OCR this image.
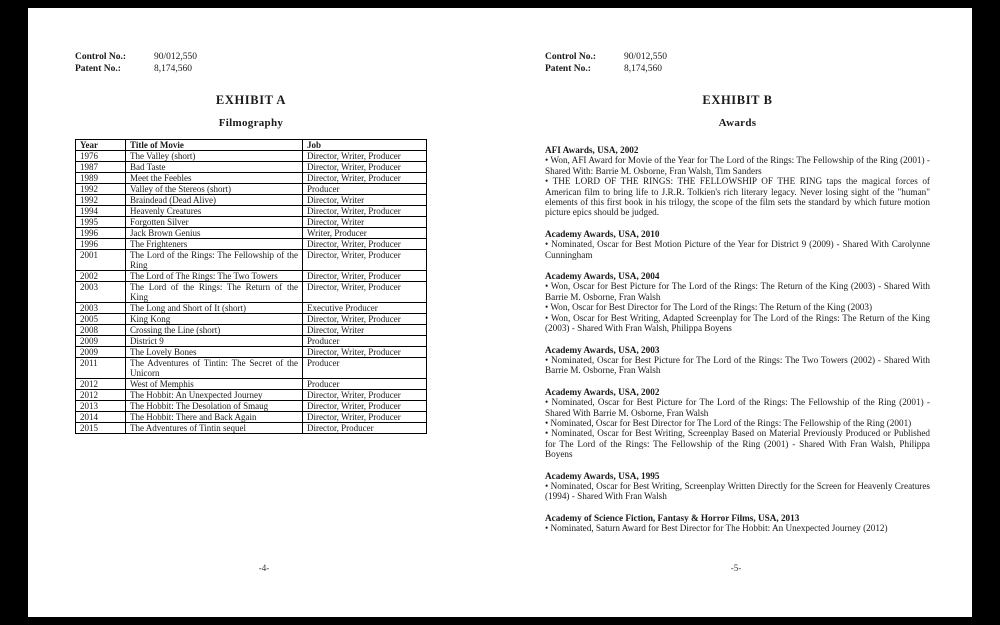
Control No.:	90/012,550
Patent No.:	8,174,560
EXHIBIT A
Filmography
Year	Title of Movie	Job
1976	The Valley (short)	Director, Writer, Producer
1987	Bad Taste	Director, Writer, Producer
1989	Meet the Feebles	Director, Writer, Producer
1992	Valley of the Stereos (short)	Producer
1992	Braindead (Dead Alive)	Director, Writer
1994	Heavenly Creatures	Director, Writer, Producer
1995	Forgotten Silver	Director, Writer
1996	Jack Brown Genius	Writer, Producer
1996	The Frighteners	Director, Writer, Producer
2001	The Lord of the Rings: The Fellowship of the Ring	Director, Writer, Producer
2002	The Lord of The Rings: The Two Towers	Director, Writer, Producer
2003	The Lord of the Rings: The Return of the King	Director, Writer, Producer
2003	The Long and Short of It (short)	Executive Producer
2005	King Kong	Director, Writer, Producer
2008	Crossing the Line (short)	Director, Writer
2009	District 9	Producer
2009	The Lovely Bones	Director, Writer, Producer
2011	The Adventures of Tintin: The Secret of the Unicorn	Producer
2012	West of Memphis	Producer
2012	The Hobbit: An Unexpected Journey	Director, Writer, Producer
2013	The Hobbit: The Desolation of Smaug	Director, Writer, Producer
2014	The Hobbit: There and Back Again	Director, Writer, Producer
2015	The Adventures of Tintin sequel	Director, Producer
-4-
Control No.:	90/012,550
Patent No.:	8,174,560
EXHIBIT B
Awards
AFI Awards, USA, 2002
• Won, AFI Award for Movie of the Year for The Lord of the Rings: The Fellowship of the Ring (2001) - Shared With: Barrie M. Osborne, Fran Walsh, Tim Sanders
• THE LORD OF THE RINGS: THE FELLOWSHIP OF THE RING taps the magical forces of American film to bring life to J.R.R. Tolkien's rich literary legacy. Never losing sight of the "human" elements of this first book in his trilogy, the scope of the film sets the standard by which future motion picture epics should be judged.
Academy Awards, USA, 2010
• Nominated, Oscar for Best Motion Picture of the Year for District 9 (2009) - Shared With Carolynne Cunningham
Academy Awards, USA, 2004
• Won, Oscar for Best Picture for The Lord of the Rings: The Return of the King (2003) - Shared With Barrie M. Osborne, Fran Walsh
• Won, Oscar for Best Director for The Lord of the Rings: The Return of the King (2003)
• Won, Oscar for Best Writing, Adapted Screenplay for The Lord of the Rings: The Return of the King (2003) - Shared With Fran Walsh, Philippa Boyens
Academy Awards, USA, 2003
• Nominated, Oscar for Best Picture for The Lord of the Rings: The Two Towers (2002) - Shared With Barrie M. Osborne, Fran Walsh
Academy Awards, USA, 2002
• Nominated, Oscar for Best Picture for The Lord of the Rings: The Fellowship of the Ring (2001) - Shared With Barrie M. Osborne, Fran Walsh
• Nominated, Oscar for Best Director for The Lord of the Rings: The Fellowship of the Ring (2001)
• Nominated, Oscar for Best Writing, Screenplay Based on Material Previously Produced or Published for The Lord of the Rings: The Fellowship of the Ring (2001) - Shared With Fran Walsh, Philippa Boyens
Academy Awards, USA, 1995
• Nominated, Oscar for Best Writing, Screenplay Written Directly for the Screen for Heavenly Creatures (1994) - Shared With Fran Walsh
Academy of Science Fiction, Fantasy & Horror Films, USA, 2013
• Nominated, Saturn Award for Best Director for The Hobbit: An Unexpected Journey (2012)
-5-
